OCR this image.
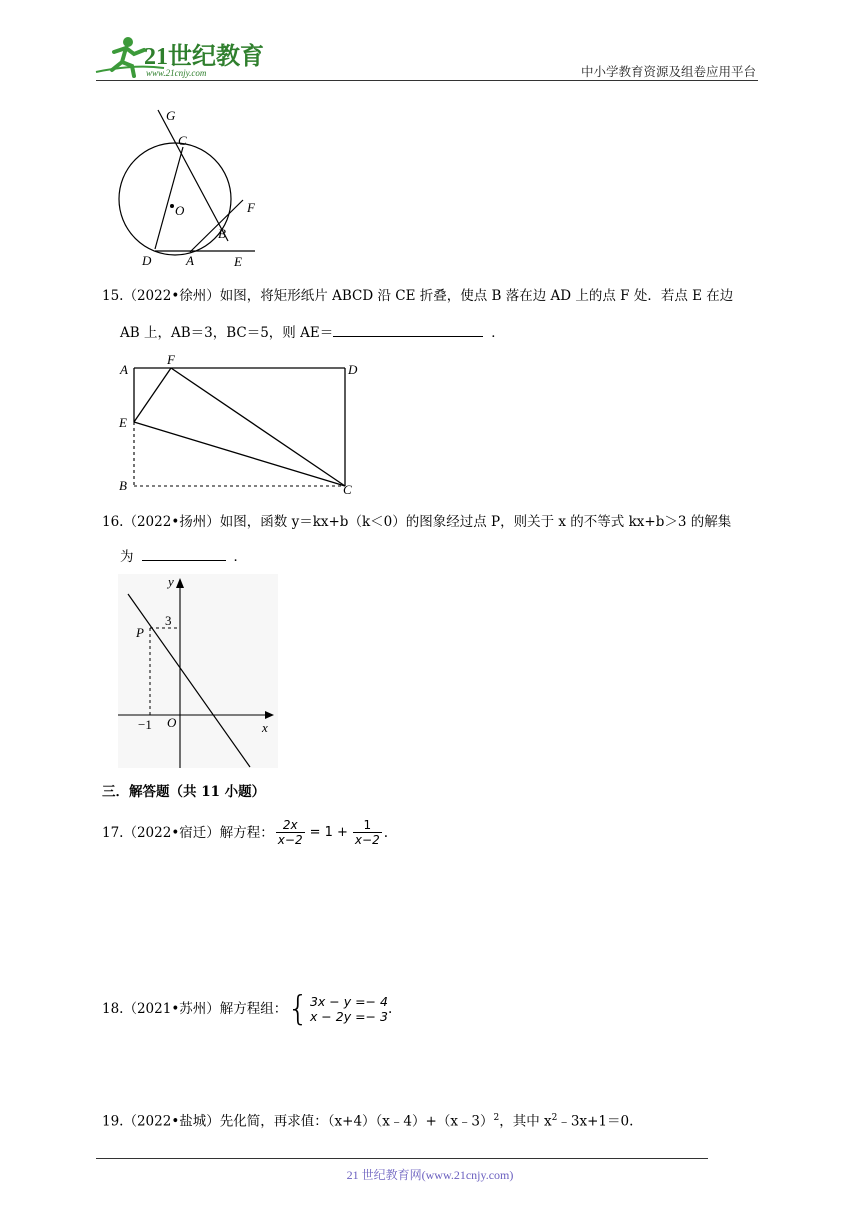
21世纪教育
www.21cnjy.com	中小学教育资源及组卷应用平台
G
C
O	F
B
D	A	E
15.（2022•徐州）如图，将矩形纸片 ABCD 沿 CE 折叠，使点 B 落在边 AD 上的点 F 处．若点 E 在边
AB 上，AB＝3，BC＝5，则 AE＝	．
A
F
D
E
B	C
16.（2022•扬州）如图，函数 y＝kx+b（k＜0）的图象经过点 P，则关于 x 的不等式 kx+b＞3 的解集
为	．
y
x
O
P
3
−1
三．解答题（共 11 小题）
17.（2022•宿迁）解方程： $\frac{2x}{x-2} = 1 + \frac{1}{x-2}$ .
18.（2021•苏州）解方程组： { 3x − y =− 4
x − 2y =− 3 .
19.（2022•盐城）先化简，再求值：（x+4）（x﹣4）+（x﹣3）$^2$，其中 $x^2﹣3x+1=0$.
21 世纪教育网(www.21cnjy.com)
